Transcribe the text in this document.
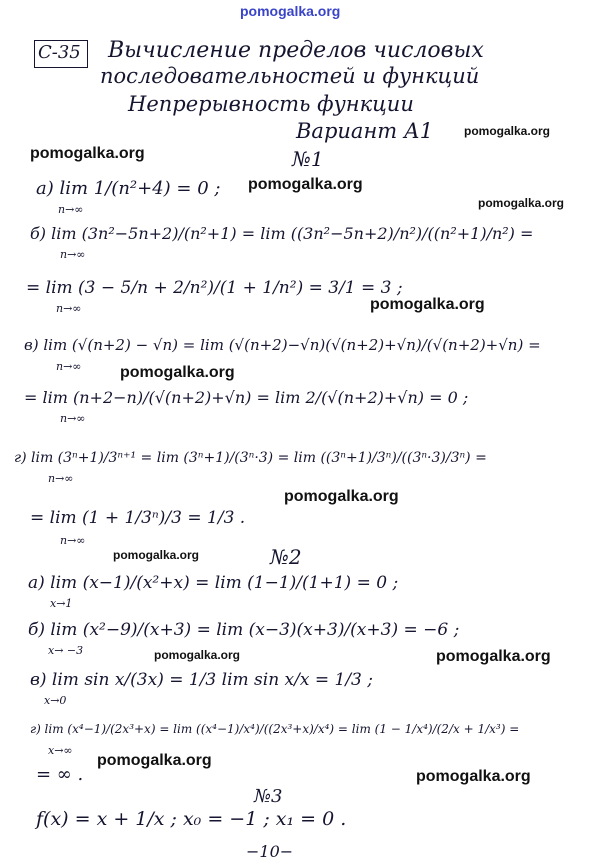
pomogalka.org
pomogalka.org
pomogalka.org
pomogalka.org
pomogalka.org
pomogalka.org
pomogalka.org
pomogalka.org
pomogalka.org
pomogalka.org	pomogalka.org
pomogalka.org
pomogalka.org
С-35 Вычисление пределов числовых
последовательностей и функций
Непрерывность функции
Вариант А1
№1
а) lim 1/(n²+4) = 0 ;
n→∞
б) lim (3n²−5n+2)/(n²+1) = lim ((3n²−5n+2)/n²)/((n²+1)/n²) =
n→∞
= lim (3 − 5/n + 2/n²)/(1 + 1/n²) = 3/1 = 3 ;
n→∞
в) lim (√(n+2) − √n) = lim (√(n+2)−√n)(√(n+2)+√n)/(√(n+2)+√n) =
n→∞
= lim (n+2−n)/(√(n+2)+√n) = lim 2/(√(n+2)+√n) = 0 ;
n→∞
г) lim (3ⁿ+1)/3ⁿ⁺¹ = lim (3ⁿ+1)/(3ⁿ·3) = lim ((3ⁿ+1)/3ⁿ)/((3ⁿ·3)/3ⁿ) =
n→∞
= lim (1 + 1/3ⁿ)/3 = 1/3 .
n→∞
№2
а) lim (x−1)/(x²+x) = lim (1−1)/(1+1) = 0 ;
x→1
б) lim (x²−9)/(x+3) = lim (x−3)(x+3)/(x+3) = −6 ;
x→ −3
в) lim sin x/(3x) = 1/3 lim sin x/x = 1/3 ;
x→0
г) lim (x⁴−1)/(2x³+x) = lim ((x⁴−1)/x⁴)/((2x³+x)/x⁴) = lim (1 − 1/x⁴)/(2/x + 1/x³) =
x→∞
= ∞ .
№3
f(x) = x + 1/x ; x₀ = −1 ; x₁ = 0 .
−10−
